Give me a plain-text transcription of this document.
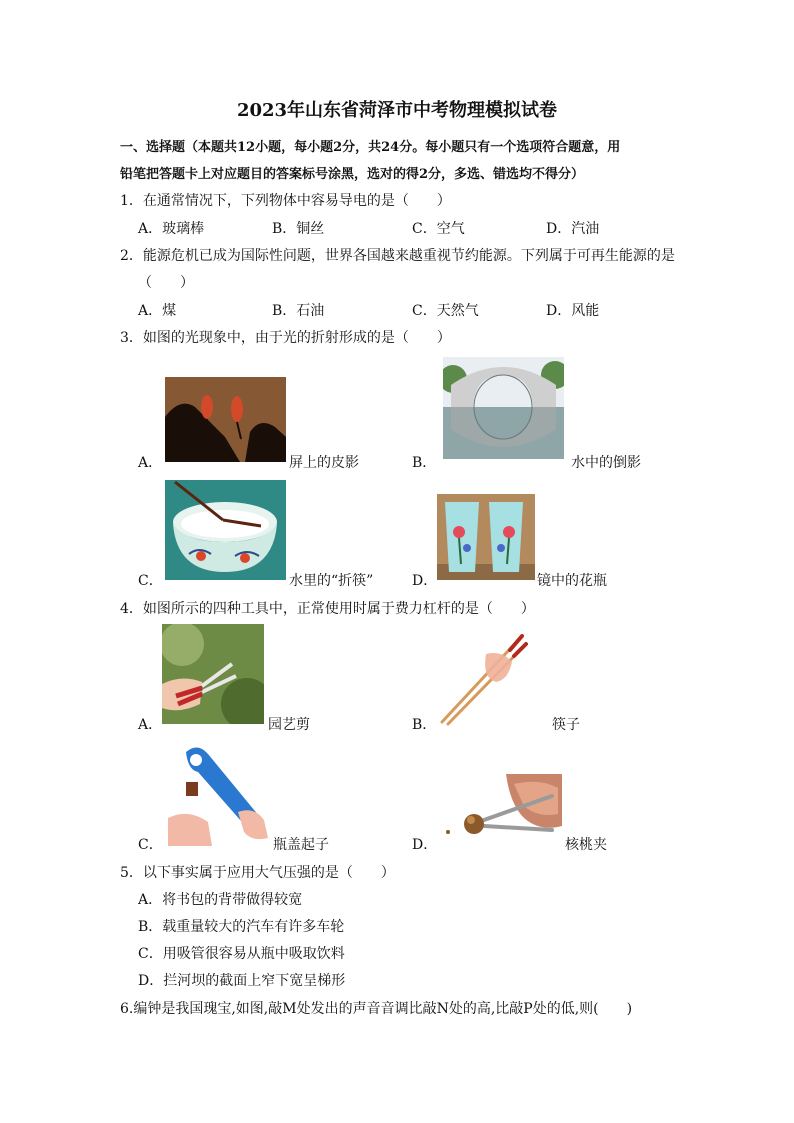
2023年山东省菏泽市中考物理模拟试卷
一、选择题（本题共12小题，每小题2分，共24分。每小题只有一个选项符合题意，用
铅笔把答题卡上对应题目的答案标号涂黑，选对的得2分，多选、错选均不得分）
1．在通常情况下，下列物体中容易导电的是（　　）
A．玻璃棒	B．铜丝	C．空气	D．汽油
2．能源危机已成为国际性问题，世界各国越来越重视节约能源。下列属于可再生能源的是
（　　）
A．煤	B．石油	C．天然气	D．风能
3．如图的光现象中，由于光的折射形成的是（　　）
A．	屏上的皮影	B．	水中的倒影
C．	水里的“折筷”	D．	镜中的花瓶
4．如图所示的四种工具中，正常使用时属于费力杠杆的是（　　）
A．	园艺剪	B．	筷子
C．	瓶盖起子	D．	核桃夹
5．以下事实属于应用大气压强的是（　　）
A．将书包的背带做得较宽
B．载重量较大的汽车有许多车轮
C．用吸管很容易从瓶中吸取饮料
D．拦河坝的截面上窄下宽呈梯形
6.编钟是我国瑰宝,如图,敲M处发出的声音音调比敲N处的高,比敲P处的低,则(　　)
